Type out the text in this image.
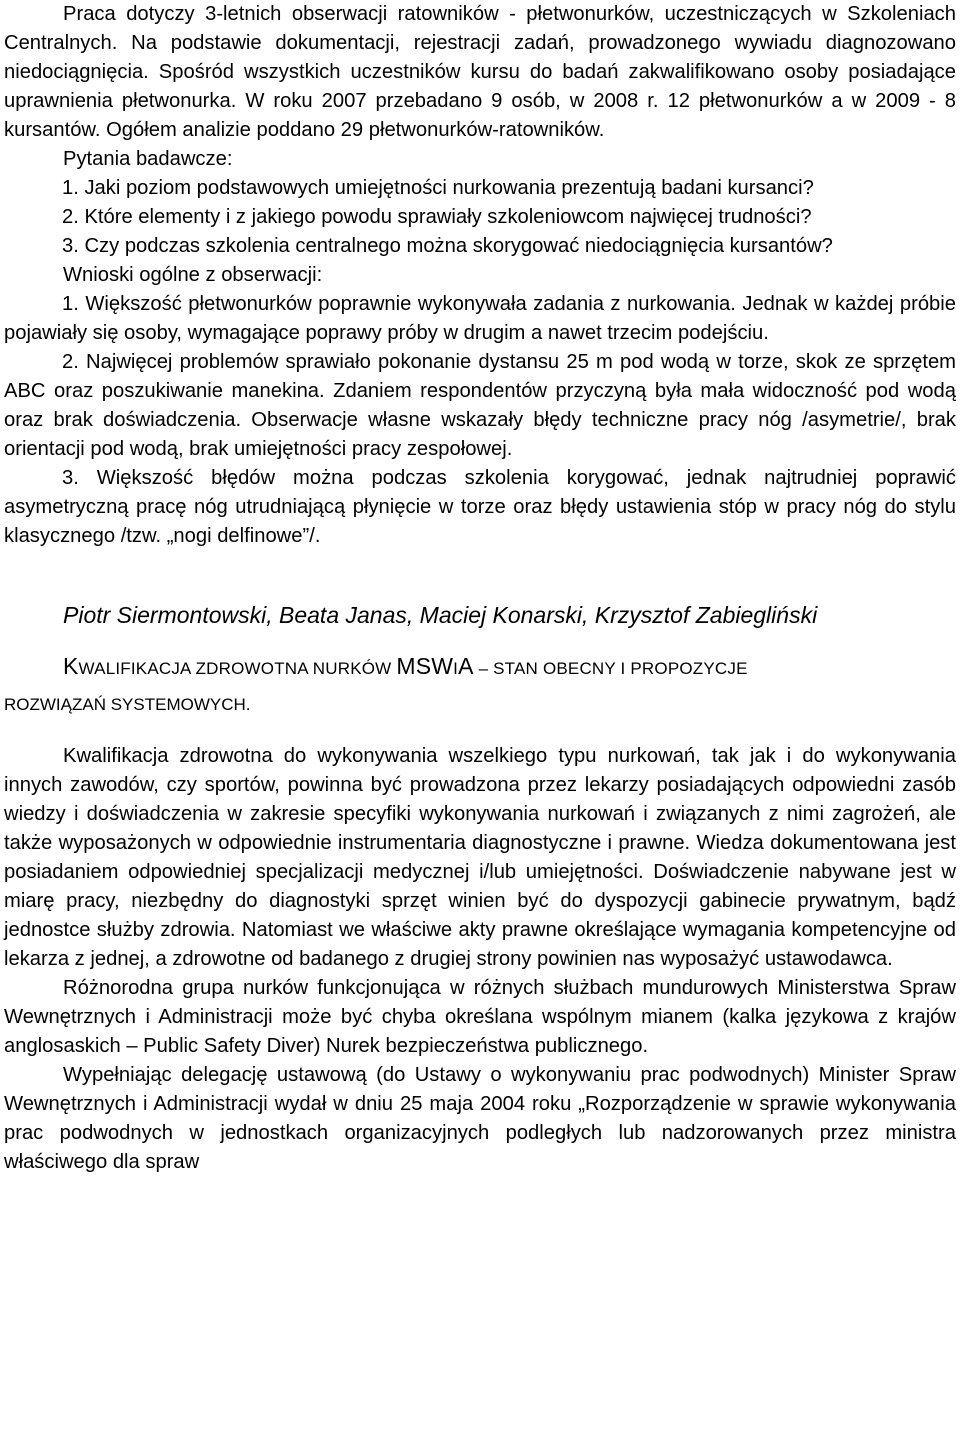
Praca dotyczy 3-letnich obserwacji ratowników - płetwonurków, uczestniczących w Szkoleniach Centralnych. Na podstawie dokumentacji, rejestracji zadań, prowadzonego wywiadu diagnozowano niedociągnięcia. Spośród wszystkich uczestników kursu do badań zakwalifikowano osoby posiadające uprawnienia płetwonurka. W roku 2007 przebadano 9 osób, w 2008 r. 12 płetwonurków a w 2009 - 8 kursantów. Ogółem analizie poddano 29 płetwonurków-ratowników.

Pytania badawcze:

1. Jaki poziom podstawowych umiejętności nurkowania prezentują badani kursanci?

2. Które elementy i z jakiego powodu sprawiały szkoleniowcom najwięcej trudności?

3. Czy podczas szkolenia centralnego można skorygować niedociągnięcia kursantów?

Wnioski ogólne z obserwacji:

1. Większość płetwonurków poprawnie wykonywała zadania z nurkowania. Jednak w każdej próbie pojawiały się osoby, wymagające poprawy próby w drugim a nawet trzecim podejściu.

2. Najwięcej problemów sprawiało pokonanie dystansu 25 m pod wodą w torze, skok ze sprzętem ABC oraz poszukiwanie manekina. Zdaniem respondentów przyczyną była mała widoczność pod wodą oraz brak doświadczenia. Obserwacje własne wskazały błędy techniczne pracy nóg /asymetrie/, brak orientacji pod wodą, brak umiejętności pracy zespołowej.

3. Większość błędów można podczas szkolenia korygować, jednak najtrudniej poprawić asymetryczną pracę nóg utrudniającą płynięcie w torze oraz błędy ustawienia stóp w pracy nóg do stylu klasycznego /tzw. „nogi delfinowe”/.

Piotr Siermontowski, Beata Janas, Maciej Konarski, Krzysztof Zabiegliński

KWALIFIKACJA ZDROWOTNA NURKÓW MSWIA – STAN OBECNY I PROPOZYCJE

ROZWIĄZAŃ SYSTEMOWYCH.

Kwalifikacja zdrowotna do wykonywania wszelkiego typu nurkowań, tak jak i do wykonywania innych zawodów, czy sportów, powinna być prowadzona przez lekarzy posiadających odpowiedni zasób wiedzy i doświadczenia w zakresie specyfiki wykonywania nurkowań i związanych z nimi zagrożeń, ale także wyposażonych w odpowiednie instrumentaria diagnostyczne i prawne. Wiedza dokumentowana jest posiadaniem odpowiedniej specjalizacji medycznej i/lub umiejętności. Doświadczenie nabywane jest w miarę pracy, niezbędny do diagnostyki sprzęt winien być do dyspozycji gabinecie prywatnym, bądź jednostce służby zdrowia. Natomiast we właściwe akty prawne określające wymagania kompetencyjne od lekarza z jednej, a zdrowotne od badanego z drugiej strony powinien nas wyposażyć ustawodawca.

Różnorodna grupa nurków funkcjonująca w różnych służbach mundurowych Ministerstwa Spraw Wewnętrznych i Administracji może być chyba określana wspólnym mianem (kalka językowa z krajów anglosaskich – Public Safety Diver) Nurek bezpieczeństwa publicznego.

Wypełniając delegację ustawową (do Ustawy o wykonywaniu prac podwodnych) Minister Spraw Wewnętrznych i Administracji wydał w dniu 25 maja 2004 roku „Rozporządzenie w sprawie wykonywania prac podwodnych w jednostkach organizacyjnych podległych lub nadzorowanych przez ministra właściwego dla spraw
